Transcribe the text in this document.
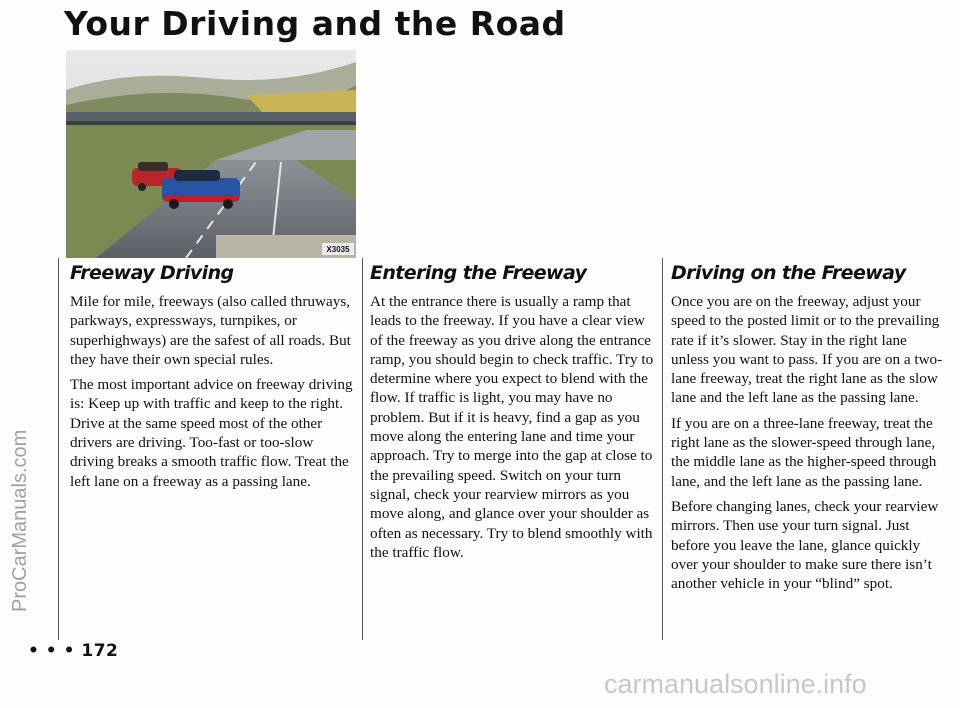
Your Driving and the Road
X3035
ProCarManuals.com
Freeway Driving

Mile for mile, freeways (also called thruways, parkways, expressways, turnpikes, or superhighways) are the safest of all roads. But they have their own special rules.

The most important advice on freeway driving is: Keep up with traffic and keep to the right. Drive at the same speed most of the other drivers are driving. Too-fast or too-slow driving breaks a smooth traffic flow. Treat the left lane on a freeway as a passing lane.

Entering the Freeway

At the entrance there is usually a ramp that leads to the freeway. If you have a clear view of the freeway as you drive along the entrance ramp, you should begin to check traffic. Try to determine where you expect to blend with the flow. If traffic is light, you may have no problem. But if it is heavy, find a gap as you move along the entering lane and time your approach. Try to merge into the gap at close to the prevailing speed. Switch on your turn signal, check your rearview mirrors as you move along, and glance over your shoulder as often as necessary. Try to blend smoothly with the traffic flow.

Driving on the Freeway

Once you are on the freeway, adjust your speed to the posted limit or to the prevailing rate if it’s slower. Stay in the right lane unless you want to pass. If you are on a two-lane freeway, treat the right lane as the slow lane and the left lane as the passing lane.

If you are on a three-lane freeway, treat the right lane as the slower-speed through lane, the middle lane as the higher-speed through lane, and the left lane as the passing lane.

Before changing lanes, check your rearview mirrors. Then use your turn signal. Just before you leave the lane, glance quickly over your shoulder to make sure there isn’t another vehicle in your “blind” spot.

• • • 172
carmanualsonline.info
